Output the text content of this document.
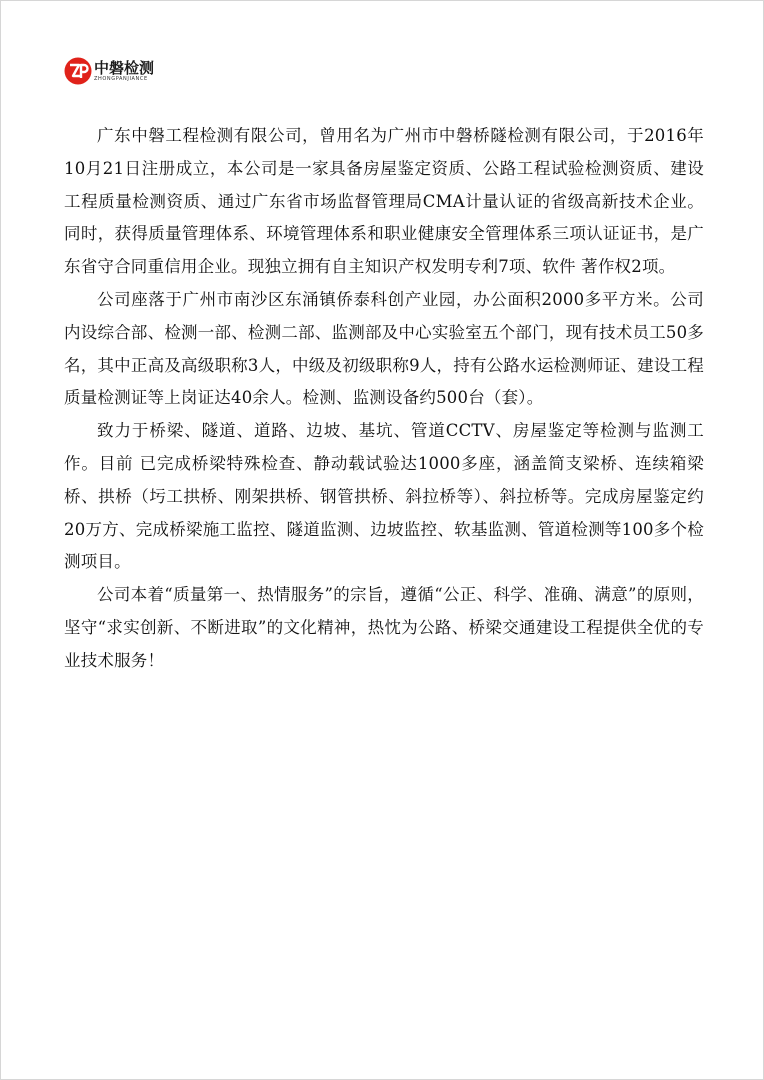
中磐检测
ZHONGPANJIANCE

广东中磐工程检测有限公司，曾用名为广州市中磐桥隧检测有限公司，于2016年10月21日注册成立，本公司是一家具备房屋鉴定资质、公路工程试验检测资质、建设工程质量检测资质、通过广东省市场监督管理局CMA计量认证的省级高新技术企业。同时，获得质量管理体系、环境管理体系和职业健康安全管理体系三项认证证书，是广东省守合同重信用企业。现独立拥有自主知识产权发明专利7项、软件 著作权2项。

公司座落于广州市南沙区东涌镇侨泰科创产业园，办公面积2000多平方米。公司内设综合部、检测一部、检测二部、监测部及中心实验室五个部门，现有技术员工50多名，其中正高及高级职称3人，中级及初级职称9人，持有公路水运检测师证、建设工程质量检测证等上岗证达40余人。检测、监测设备约500台（套）。

致力于桥梁、隧道、道路、边坡、基坑、管道CCTV、房屋鉴定等检测与监测工作。目前 已完成桥梁特殊检查、静动载试验达1000多座，涵盖简支梁桥、连续箱梁桥、拱桥（圬工拱桥、刚架拱桥、钢管拱桥、斜拉桥等）、斜拉桥等。完成房屋鉴定约20万方、完成桥梁施工监控、隧道监测、边坡监控、软基监测、管道检测等100多个检测项目。

公司本着“质量第一、热情服务”的宗旨，遵循“公正、科学、准确、满意”的原则，坚守“求实创新、不断进取”的文化精神，热忱为公路、桥梁交通建设工程提供全优的专业技术服务！
